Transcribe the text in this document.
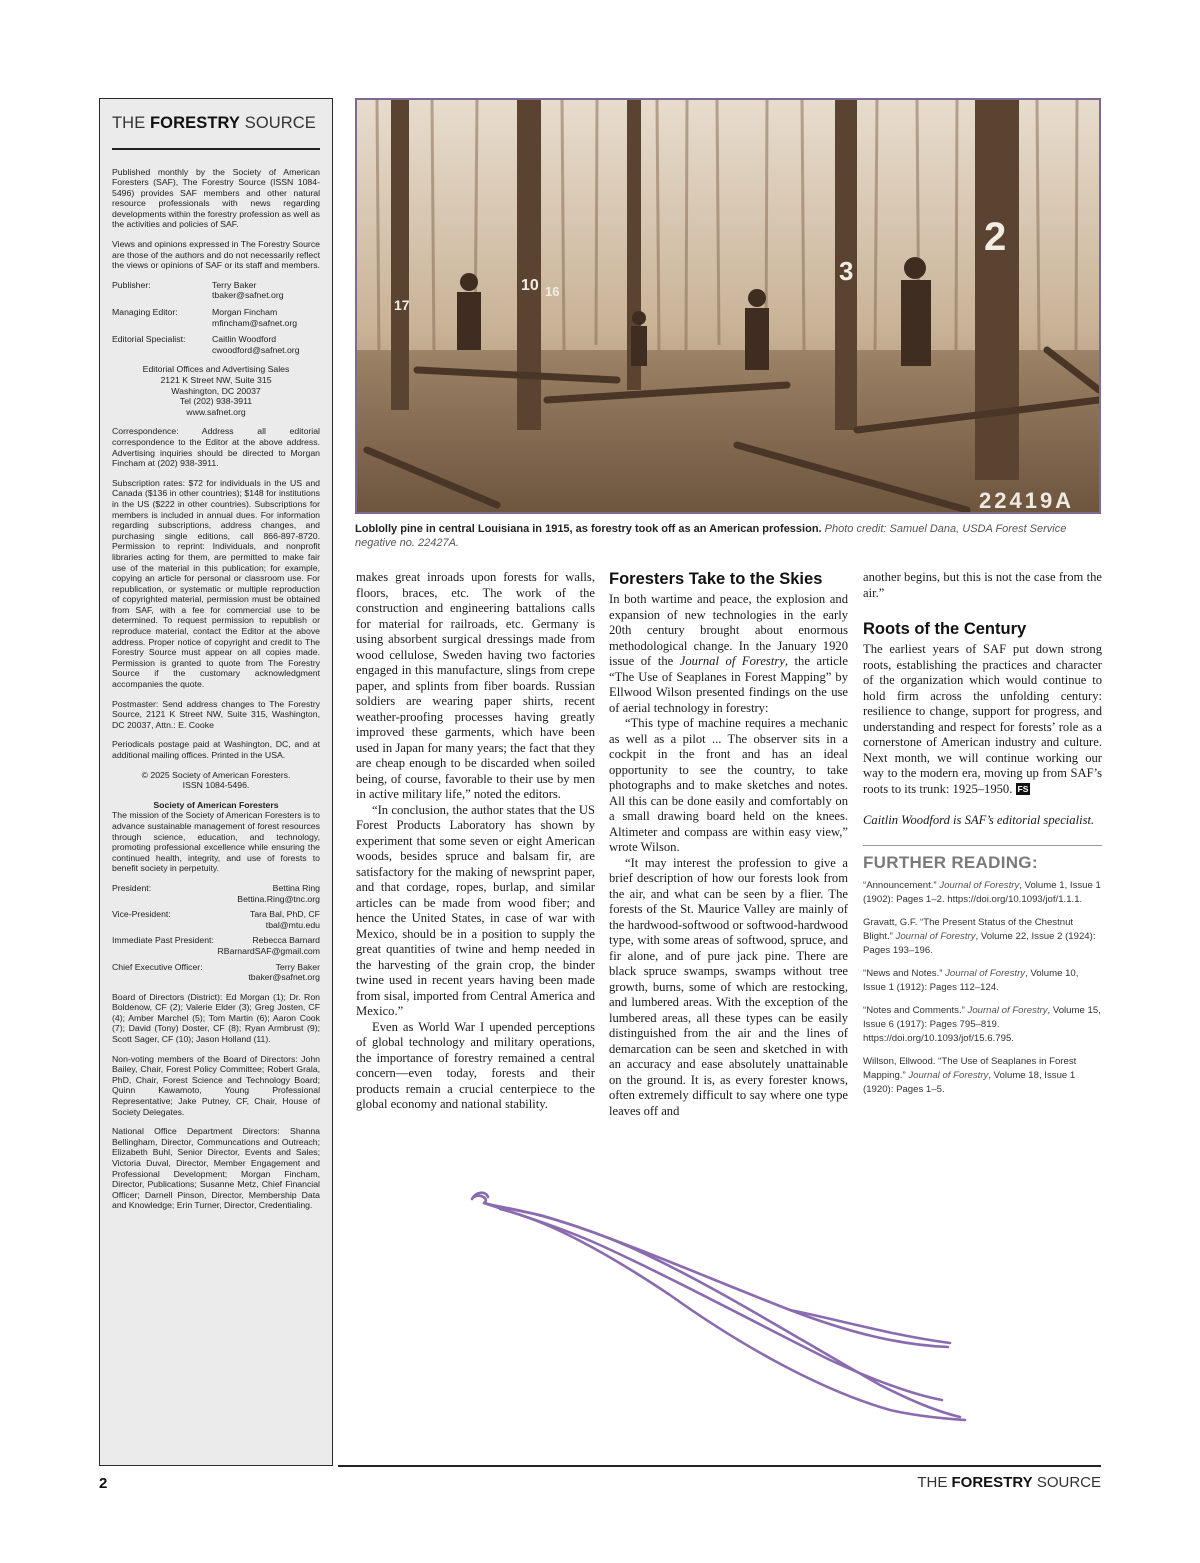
THE FORESTRY SOURCE

Published monthly by the Society of American Foresters (SAF), The Forestry Source (ISSN 1084-5496) provides SAF members and other natural resource professionals with news regarding developments within the forestry profession as well as the activities and policies of SAF.

Views and opinions expressed in The Forestry Source are those of the authors and do not necessarily reflect the views or opinions of SAF or its staff and members.

Publisher:	Terry Baker
tbaker@safnet.org
Managing Editor:	Morgan Fincham
mfincham@safnet.org
Editorial Specialist:	Caitlin Woodford
cwoodford@safnet.org
Editorial Offices and Advertising Sales
2121 K Street NW, Suite 315
Washington, DC 20037
Tel (202) 938-3911
www.safnet.org

Correspondence: Address all editorial correspondence to the Editor at the above address. Advertising inquiries should be directed to Morgan Fincham at (202) 938-3911.

Subscription rates: $72 for individuals in the US and Canada ($136 in other countries); $148 for institutions in the US ($222 in other countries). Subscriptions for members is included in annual dues. For information regarding subscriptions, address changes, and purchasing single editions, call 866-897-8720. Permission to reprint: Individuals, and nonprofit libraries acting for them, are permitted to make fair use of the material in this publication; for example, copying an article for personal or classroom use. For republication, or systematic or multiple reproduction of copyrighted material, permission must be obtained from SAF, with a fee for commercial use to be determined. To request permission to republish or reproduce material, contact the Editor at the above address. Proper notice of copyright and credit to The Forestry Source must appear on all copies made. Permission is granted to quote from The Forestry Source if the customary acknowledgment accompanies the quote.

Postmaster: Send address changes to The Forestry Source, 2121 K Street NW, Suite 315, Washington, DC 20037, Attn.: E. Cooke

Periodicals postage paid at Washington, DC, and at additional mailing offices. Printed in the USA.

© 2025 Society of American Foresters.
ISSN 1084-5496.
Society of American Foresters

The mission of the Society of American Foresters is to advance sustainable management of forest resources through science, education, and technology, promoting professional excellence while ensuring the continued health, integrity, and use of forests to benefit society in perpetuity.

President:	Bettina Ring
Bettina.Ring@tnc.org
Vice-President:	Tara Bal, PhD, CF
tbal@mtu.edu
Immediate Past President:	Rebecca Barnard
RBarnardSAF@gmail.com
Chief Executive Officer:	Terry Baker
tbaker@safnet.org

Board of Directors (District): Ed Morgan (1); Dr. Ron Boldenow, CF (2); Valerie Elder (3); Greg Josten, CF (4); Amber Marchel (5); Tom Martin (6); Aaron Cook (7); David (Tony) Doster, CF (8); Ryan Armbrust (9); Scott Sager, CF (10); Jason Holland (11).

Non-voting members of the Board of Directors: John Bailey, Chair, Forest Policy Committee; Robert Grala, PhD, Chair, Forest Science and Technology Board; Quinn Kawamoto, Young Professional Representative; Jake Putney, CF, Chair, House of Society Delegates.

National Office Department Directors: Shanna Bellingham, Director, Communcations and Outreach; Elizabeth Buhl, Senior Director, Events and Sales; Victoria Duval, Director, Member Engagement and Professional Development; Morgan Fincham, Director, Publications; Susanne Metz, Chief Financial Officer; Darnell Pinson, Director, Membership Data and Knowledge; Erin Turner, Director, Credentialing.

17
10 16
3
2
22419A
Loblolly pine in central Louisiana in 1915, as forestry took off as an American profession. Photo credit: Samuel Dana, USDA Forest Service negative no. 22427A.

makes great inroads upon forests for walls, floors, braces, etc. The work of the construction and engineering battalions calls for material for railroads, etc. Germany is using absorbent surgical dressings made from wood cellulose, Sweden having two factories engaged in this manufacture, slings from crepe paper, and splints from fiber boards. Russian soldiers are wearing paper shirts, recent weather-proofing processes having greatly improved these garments, which have been used in Japan for many years; the fact that they are cheap enough to be discarded when soiled being, of course, favorable to their use by men in active military life,” noted the editors.

“In conclusion, the author states that the US Forest Products Laboratory has shown by experiment that some seven or eight American woods, besides spruce and balsam fir, are satisfactory for the making of newsprint paper, and that cordage, ropes, burlap, and similar articles can be made from wood fiber; and hence the United States, in case of war with Mexico, should be in a position to supply the great quantities of twine and hemp needed in the harvesting of the grain crop, the binder twine used in recent years having been made from sisal, imported from Central America and Mexico.”

Even as World War I upended perceptions of global technology and military operations, the importance of forestry remained a central concern—even today, forests and their products remain a crucial centerpiece to the global economy and national stability.

Foresters Take to the Skies

In both wartime and peace, the explosion and expansion of new technologies in the early 20th century brought about enormous methodological change. In the January 1920 issue of the Journal of Forestry, the article “The Use of Seaplanes in Forest Mapping” by Ellwood Wilson presented findings on the use of aerial technology in forestry:

“This type of machine requires a mechanic as well as a pilot ... The observer sits in a cockpit in the front and has an ideal opportunity to see the country, to take photographs and to make sketches and notes. All this can be done easily and comfortably on a small drawing board held on the knees. Altimeter and compass are within easy view,” wrote Wilson.

“It may interest the profession to give a brief description of how our forests look from the air, and what can be seen by a flier. The forests of the St. Maurice Valley are mainly of the hardwood-softwood or softwood-hardwood type, with some areas of softwood, spruce, and fir alone, and of pure jack pine. There are black spruce swamps, swamps without tree growth, burns, some of which are restocking, and lumbered areas. With the exception of the lumbered areas, all these types can be easily distinguished from the air and the lines of demarcation can be seen and sketched in with an accuracy and ease absolutely unattainable on the ground. It is, as every forester knows, often extremely difficult to say where one type leaves off and

another begins, but this is not the case from the air.”

Roots of the Century

The earliest years of SAF put down strong roots, establishing the practices and character of the organization which would continue to hold firm across the unfolding century: resilience to change, support for progress, and understanding and respect for forests’ role as a cornerstone of American industry and culture. Next month, we will continue working our way to the modern era, moving up from SAF’s roots to its trunk: 1925–1950. FS

Caitlin Woodford is SAF’s editorial specialist.

FURTHER READING:
“Announcement.” Journal of Forestry, Volume 1, Issue 1 (1902): Pages 1–2. https://doi.org/10.1093/jof/1.1.1.
Gravatt, G.F. “The Present Status of the Chestnut Blight.” Journal of Forestry, Volume 22, Issue 2 (1924): Pages 193–196.
“News and Notes.” Journal of Forestry, Volume 10, Issue 1 (1912): Pages 112–124.
“Notes and Comments.” Journal of Forestry, Volume 15, Issue 6 (1917): Pages 795–819. https://doi.org/10.1093/jof/15.6.795.
Willson, Ellwood. “The Use of Seaplanes in Forest Mapping.” Journal of Forestry, Volume 18, Issue 1 (1920): Pages 1–5.
2	THE FORESTRY SOURCE
